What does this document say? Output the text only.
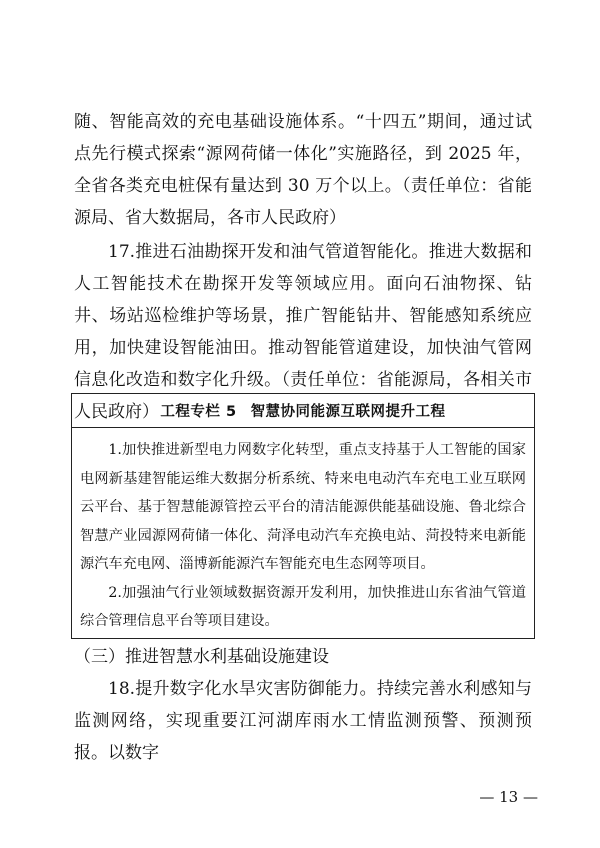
随、智能高效的充电基础设施体系。“十四五”期间，通过试点先行模式探索“源网荷储一体化”实施路径，到 2025 年，全省各类充电桩保有量达到 30 万个以上。（责任单位：省能源局、省大数据局，各市人民政府）

17.推进石油勘探开发和油气管道智能化。推进大数据和人工智能技术在勘探开发等领域应用。面向石油物探、钻井、场站巡检维护等场景，推广智能钻井、智能感知系统应用，加快建设智能油田。推动智能管道建设，加快油气管网信息化改造和数字化升级。（责任单位：省能源局，各相关市人民政府） 工程专栏 5 智慧协同能源互联网提升工程

1.加快推进新型电力网数字化转型，重点支持基于人工智能的国家电网新基建智能运维大数据分析系统、特来电电动汽车充电工业互联网云平台、基于智慧能源管控云平台的清洁能源供能基础设施、鲁北综合智慧产业园源网荷储一体化、菏泽电动汽车充换电站、菏投特来电新能源汽车充电网、淄博新能源汽车智能充电生态网等项目。

2.加强油气行业领域数据资源开发利用，加快推进山东省油气管道综合管理信息平台等项目建设。

（三）推进智慧水利基础设施建设

18.提升数字化水旱灾害防御能力。持续完善水利感知与监测网络，实现重要江河湖库雨水工情监测预警、预测预报。以数字

— 13 —
